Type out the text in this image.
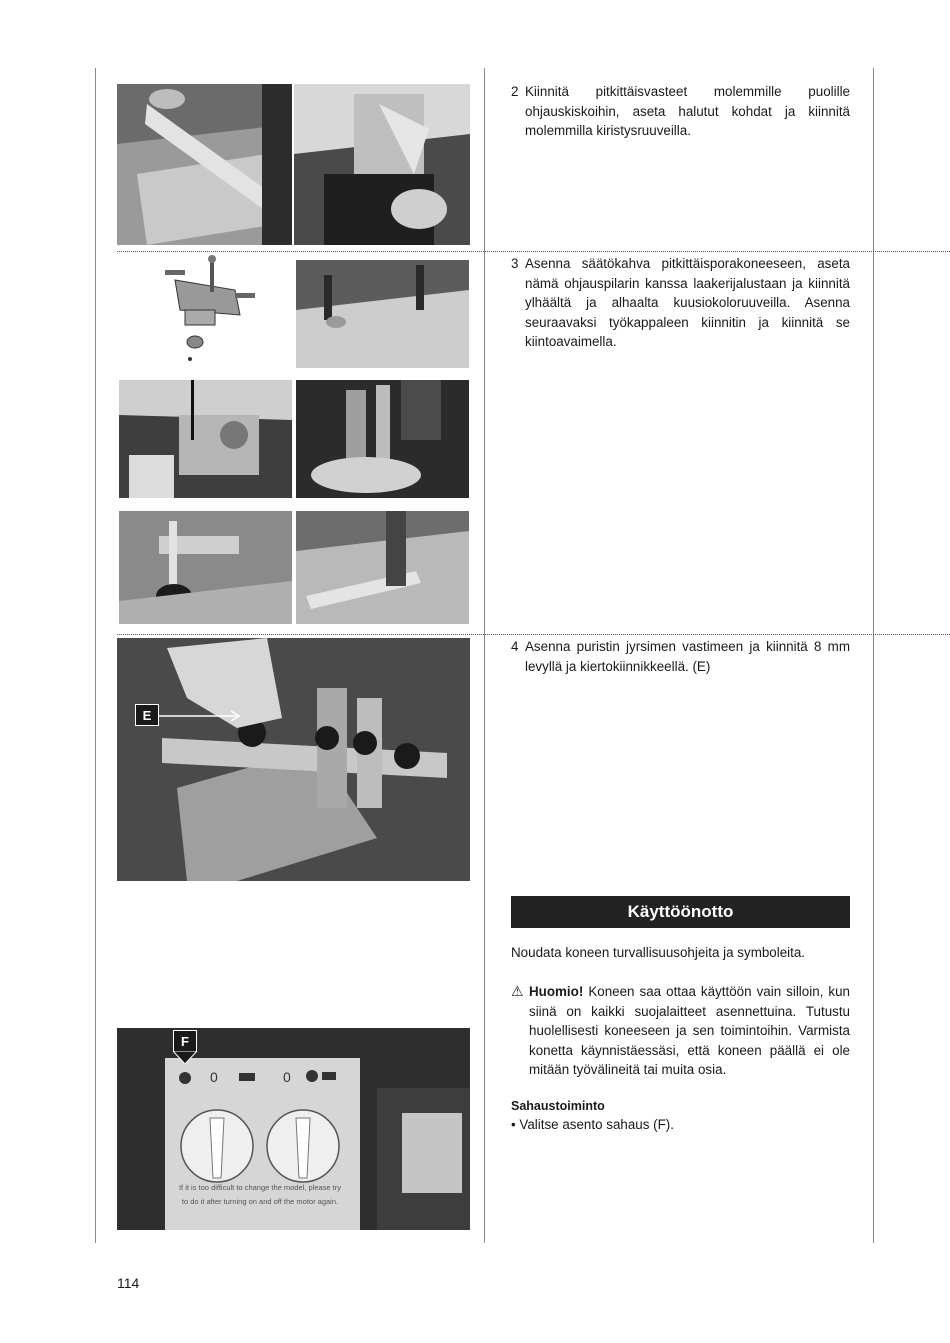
E
0	0
If it is too difficult to change the model, please try
to do it after turning on and off the motor again.
F
2 Kiinnitä pitkittäisvasteet molemmille puolille ohjauskiskoihin, aseta halutut kohdat ja kiinnitä molemmilla kiristysruuveilla.
3 Asenna säätökahva pitkittäisporakoneeseen, aseta nämä ohjauspilarin kanssa laakerijalustaan ja kiinnitä ylhäältä ja alhaalta kuusiokoloruuveilla. Asenna seuraavaksi työkappaleen kiinnitin ja kiinnitä se kiintoavaimella.
4 Asenna puristin jyrsimen vastimeen ja kiinnitä 8 mm levyllä ja kiertokiinnikkeellä. (E)
Käyttöönotto
Noudata koneen turvallisuusohjeita ja symboleita.
⚠ Huomio! Koneen saa ottaa käyttöön vain silloin, kun siinä on kaikki suojalaitteet asennettuina. Tutustu huolellisesti koneeseen ja sen toimintoihin. Varmista konetta käynnistäessäsi, että koneen päällä ei ole mitään työvälineitä tai muita osia.
Sahaustoiminto
• Valitse asento sahaus (F).
114
